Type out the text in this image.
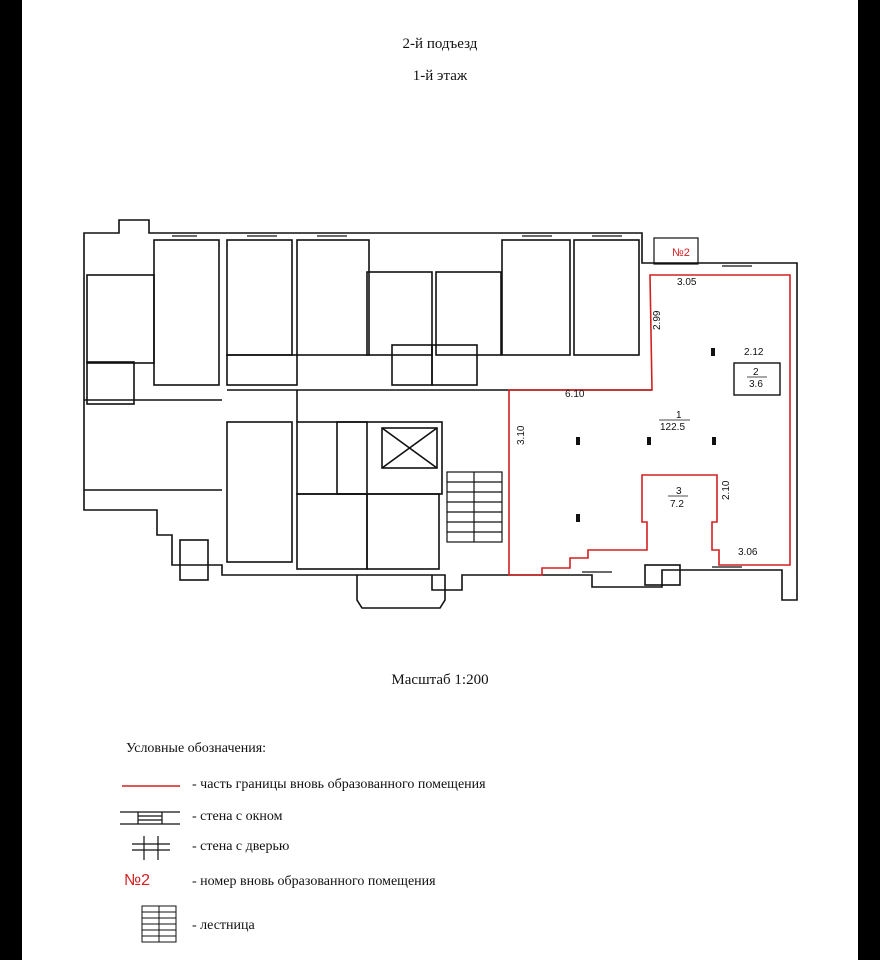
2-й подъезд
1-й этаж
№2
3.05
2.99
2.12
2
3.6
6.10
1
122.5
3.10
3
7.2
2.10
3.06
Масштаб 1:200
Условные обозначения:
- часть границы вновь образованного помещения
- стена с окном
- стена с дверью
№2	- номер вновь образованного помещения
- лестница
